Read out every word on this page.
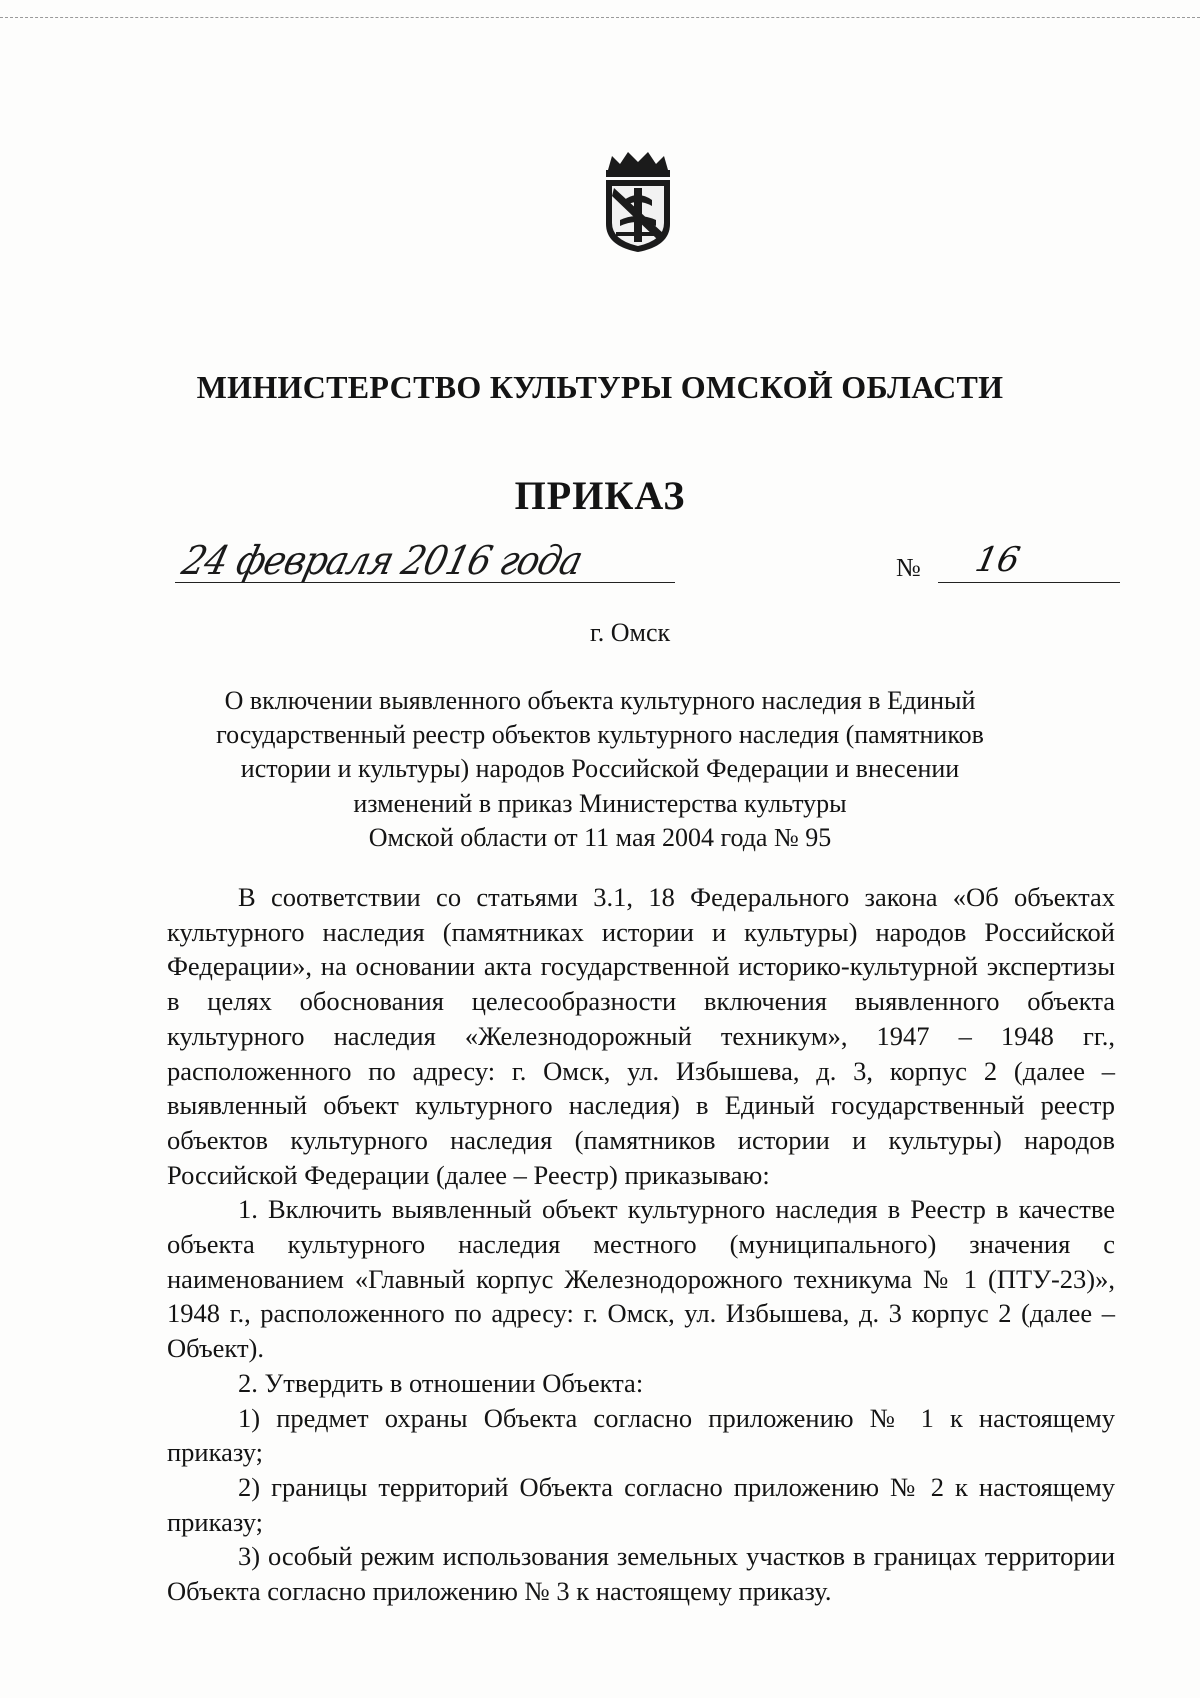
МИНИСТЕРСТВО КУЛЬТУРЫ ОМСКОЙ ОБЛАСТИ
ПРИКАЗ
24 февраля 2016 года	№ 16
г. Омск
О включении выявленного объекта культурного наследия в Единый
государственный реестр объектов культурного наследия (памятников
истории и культуры) народов Российской Федерации и внесении
изменений в приказ Министерства культуры
Омской области от 11 мая 2004 года № 95

В соответствии со статьями 3.1, 18 Федерального закона «Об объектах культурного наследия (памятниках истории и культуры) народов Российской Федерации», на основании акта государственной историко-культурной экспертизы в целях обоснования целесообразности включения выявленного объекта культурного наследия «Железнодорожный техникум», 1947 – 1948 гг., расположенного по адресу: г. Омск, ул. Избышева, д. 3, корпус 2 (далее – выявленный объект культурного наследия) в Единый государственный реестр объектов культурного наследия (памятников истории и культуры) народов Российской Федерации (далее – Реестр) приказываю:

1. Включить выявленный объект культурного наследия в Реестр в качестве объекта культурного наследия местного (муниципального) значения с наименованием «Главный корпус Железнодорожного техникума № 1 (ПТУ-23)», 1948 г., расположенного по адресу: г. Омск, ул. Избышева, д. 3 корпус 2 (далее – Объект).

2. Утвердить в отношении Объекта:

1) предмет охраны Объекта согласно приложению № 1 к настоящему приказу;

2) границы территорий Объекта согласно приложению № 2 к настоящему приказу;

3) особый режим использования земельных участков в границах территории Объекта согласно приложению № 3 к настоящему приказу.
